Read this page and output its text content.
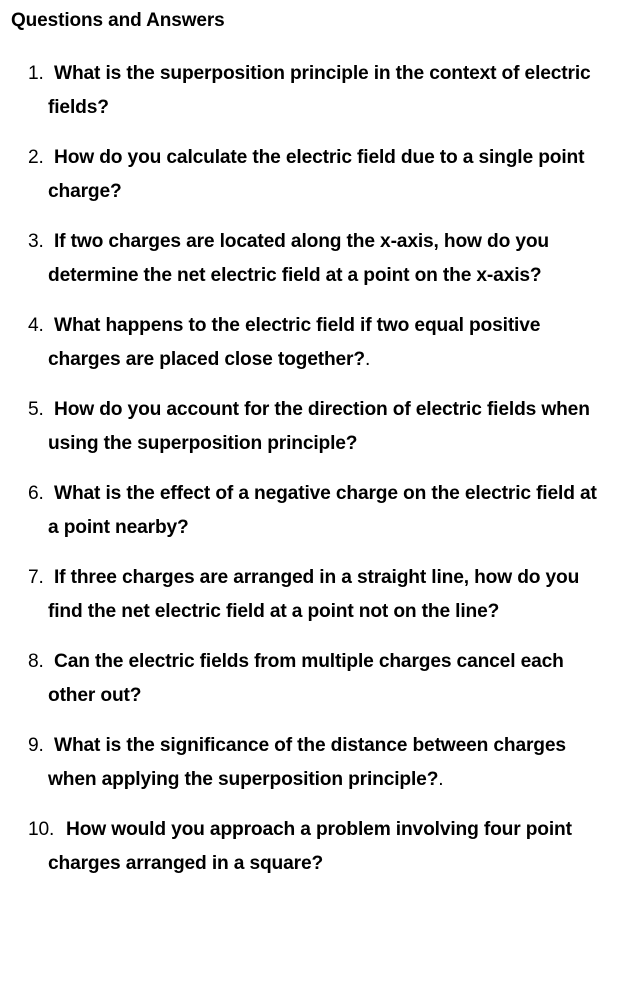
Questions and Answers
1. What is the superposition principle in the context of electric fields?
2. How do you calculate the electric field due to a single point charge?
3. If two charges are located along the x-axis, how do you determine the net electric field at a point on the x-axis?
4. What happens to the electric field if two equal positive charges are placed close together?.
5. How do you account for the direction of electric fields when using the superposition principle?
6. What is the effect of a negative charge on the electric field at a point nearby?
7. If three charges are arranged in a straight line, how do you find the net electric field at a point not on the line?
8. Can the electric fields from multiple charges cancel each other out?
9. What is the significance of the distance between charges when applying the superposition principle?.
10. How would you approach a problem involving four point charges arranged in a square?
